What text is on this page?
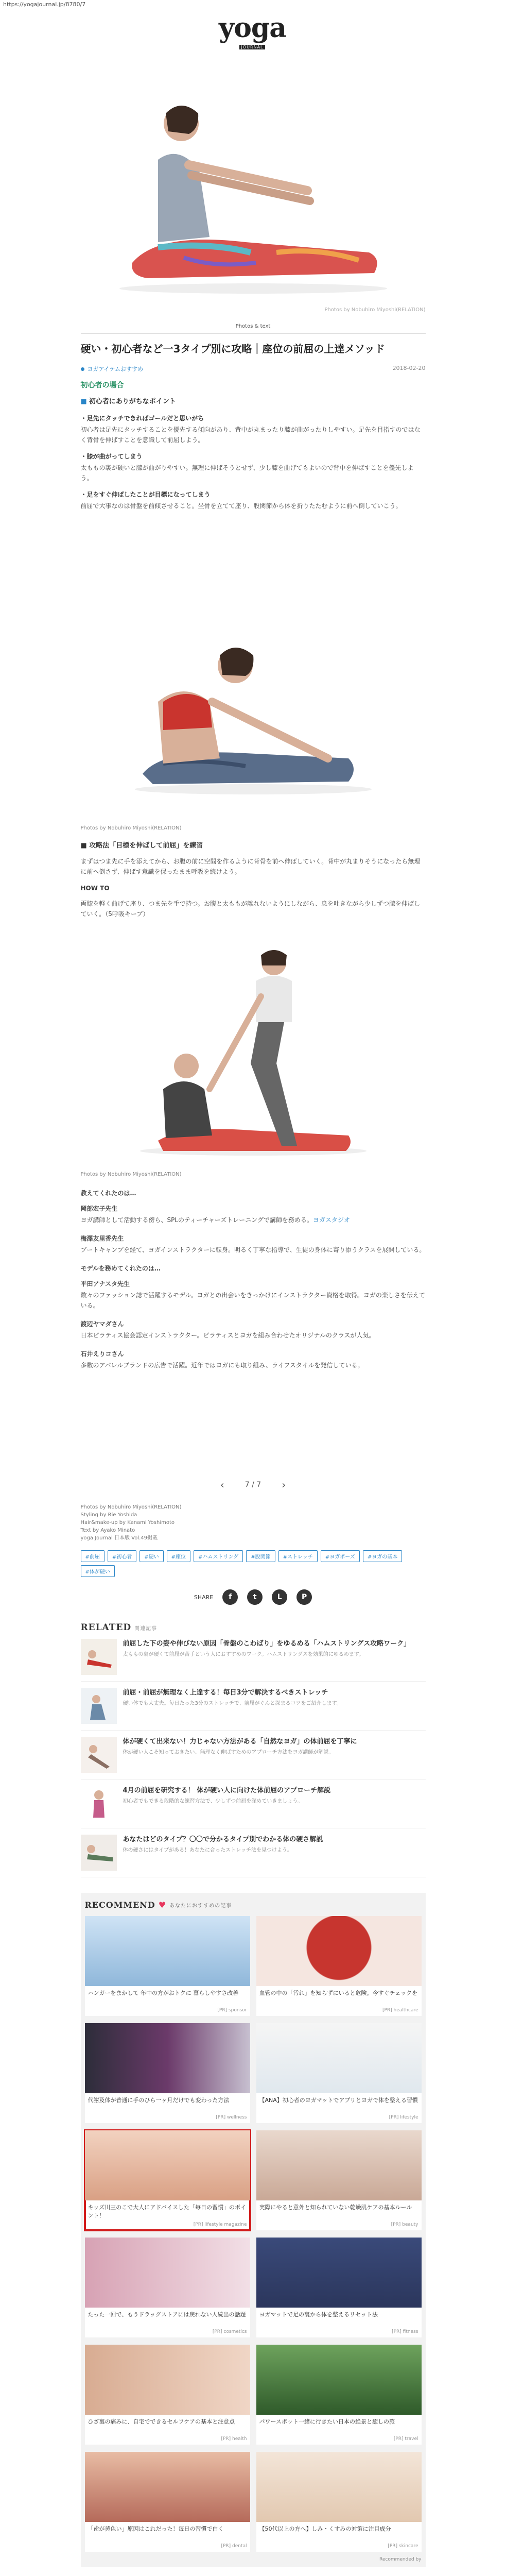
https://yogajournal.jp/8780/7
yoga
JOURNAL
Photos by Nobuhiro Miyoshi(RELATION)
Photos & text
硬い・初心者など一3タイプ別に攻略｜座位の前屈の上達メソッド
ヨガアイテムおすすめ	2018-02-20
初心者の場合
■ 初心者にありがちなポイント
・足先にタッチできればゴールだと思いがち
初心者は足先にタッチすることを優先する傾向があり、背中が丸まったり膝が曲がったりしやすい。足先を目指すのではなく背骨を伸ばすことを意識して前屈しよう。
・膝が曲がってしまう
太ももの裏が硬いと膝が曲がりやすい。無理に伸ばそうとせず、少し膝を曲げてもよいので背中を伸ばすことを優先しよう。
・足をすぐ伸ばしたことが目標になってしまう
前屈で大事なのは骨盤を前傾させること。坐骨を立てて座り、股関節から体を折りたたむように前へ倒していこう。
Photos by Nobuhiro Miyoshi(RELATION)
■ 攻略法「目標を伸ばして前屈」を練習
まずはつま先に手を添えてから、お腹の前に空間を作るように背骨を前へ伸ばしていく。背中が丸まりそうになったら無理に前へ倒さず、伸ばす意識を保ったまま呼吸を続けよう。
HOW TO
両膝を軽く曲げて座り、つま先を手で持つ。お腹と太ももが離れないようにしながら、息を吐きながら少しずつ膝を伸ばしていく。（5呼吸キープ）
Photos by Nobuhiro Miyoshi(RELATION)
教えてくれたのは…
岡部宏子先生
ヨガ講師として活動する傍ら、SPLのティーチャーズトレーニングで講師を務める。ヨガスタジオ
梅澤友里香先生
ブートキャンプを経て、ヨガインストラクターに転身。明るく丁寧な指導で、生徒の身体に寄り添うクラスを展開している。
モデルを務めてくれたのは…
平田アナスタ先生
数々のファッション誌で活躍するモデル。ヨガとの出会いをきっかけにインストラクター資格を取得。ヨガの楽しさを伝えている。
渡辺ヤマダさん
日本ピラティス協会認定インストラクター。ピラティスとヨガを組み合わせたオリジナルのクラスが人気。
石井えりコさん
多数のアパレルブランドの広告で活躍。近年ではヨガにも取り組み、ライフスタイルを発信している。
‹	7 / 7 ›
Photos by Nobuhiro Miyoshi(RELATION)
Styling by Rie Yoshida
Hair&make-up by Kanami Yoshimoto
Text by Ayako Minato
yoga Journal 日本版 Vol.49掲載
#前屈	#初心者	#硬い	#座位	#ハムストリング	#股関節	#ストレッチ	#ヨガポーズ	#ヨガの基本
#体が硬い
SHARE	f	t	L	P
RELATED 関連記事
前屈した下の姿や伸びない原因「骨盤のこわばり」をゆるめる「ハムストリングス攻略ワーク」
太ももの裏が硬くて前屈が苦手という人におすすめのワーク。ハムストリングスを効果的にゆるめます。
前屈・前屈が無理なく上達する！毎日3分で解決するべきストレッチ
硬い体でも大丈夫。毎日たった3分のストレッチで、前屈がぐんと深まるコツをご紹介します。
体が硬くて出来ない！力じゃない方法がある「自然なヨガ」の体前屈を丁寧に
体が硬い人こそ知っておきたい、無理なく伸ばすためのアプローチ方法をヨガ講師が解説。
4月の前屈を研究する！ 体が硬い人に向けた体前屈のアプローチ解説
初心者でもできる段階的な練習方法で、少しずつ前屈を深めていきましょう。
あなたはどのタイプ？〇〇で分かるタイプ別でわかる体の硬さ解説
体の硬さにはタイプがある！あなたに合ったストレッチ法を見つけよう。
RECOMMEND ♥ あなたにおすすめの記事
ハンガーをまかして 年中の方がおトクに 暮らしやすさ改善
[PR] sponsor
血管の中の「汚れ」を知らずにいると危険。今すぐチェックを
[PR] healthcare
代謝及体が普通に手のひら一ヶ月だけでも変わった方法
[PR] wellness
【ANA】初心者のヨガマットでアプリとヨガで体を整える習慣
[PR] lifestyle
キッズ川三のこで大人にアドバイスした「毎日の習慣」のポイント！
[PR] lifestyle magazine
実際にやると意外と知られていない乾燥肌ケアの基本ルール
[PR] beauty
たった一回で、もうドラッグストアには戻れない人続出の話題
[PR] cosmetics
ヨガマットで足の裏から体を整えるリセット法
[PR] fitness
ひざ裏の痛みに、自宅でできるセルフケアの基本と注意点
[PR] health
パワースポット一緒に行きたい日本の絶景と癒しの旅
[PR] travel
「歯が黄色い」原因はこれだった！毎日の習慣で白く
[PR] dental
【50代以上の方へ】しみ・くすみの対策に注目成分
[PR] skincare
Recommended by
